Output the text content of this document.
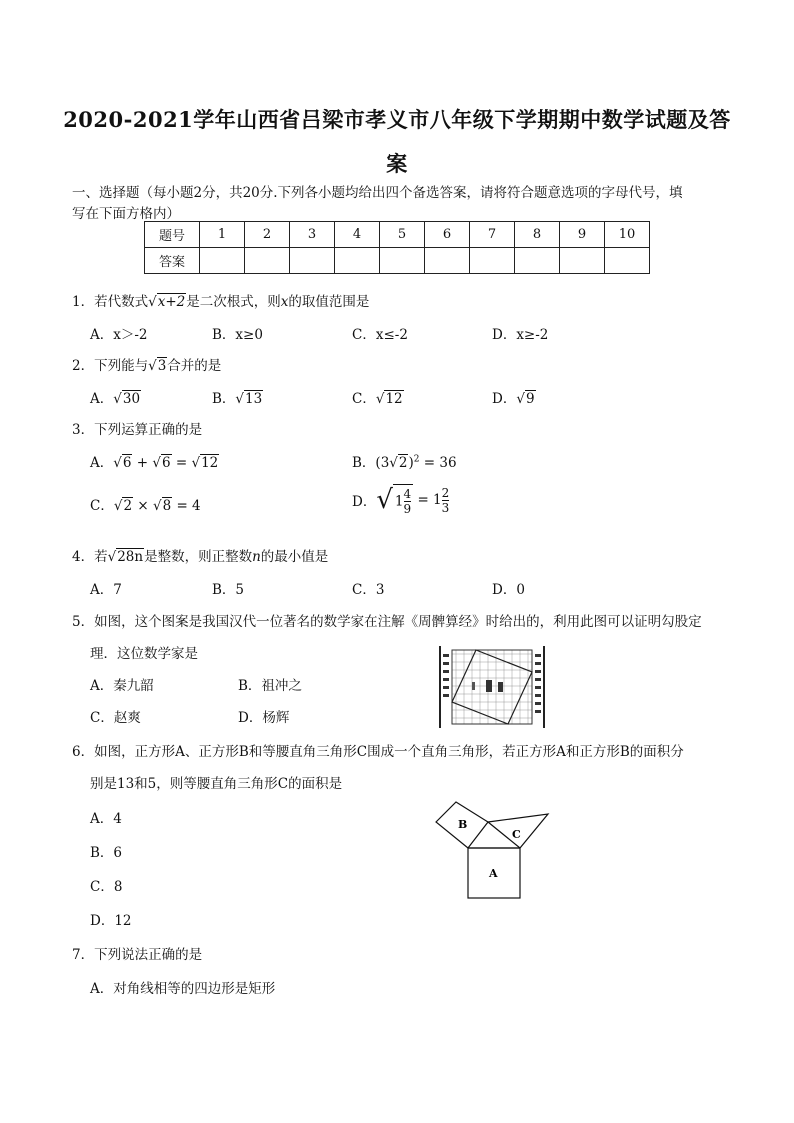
2020-2021学年山西省吕梁市孝义市八年级下学期期中数学试题及答
案
一、选择题（每小题2分，共20分.下列各小题均给出四个备选答案，请将符合题意选项的字母代号，填
写在下面方格内）
题号	1	2	3	4	5	6	7	8	9	10
答案										
1．若代数式√x+2是二次根式，则x的取值范围是
A．x＞-2	B．x≥0	C．x≤-2	D．x≥-2
2．下列能与√3合并的是
A．√30	B．√13	C．√12	D．√9
3．下列运算正确的是
A．√6 + √6 = √12	B．$(3√2)^2 = 36$
C．√2 × √8 = 4	D．√ $1 \frac{4}{9} = 1 \frac{2}{3}$
4．若√28n是整数，则正整数n的最小值是
A．7	B．5	C．3	D．0
5．如图，这个图案是我国汉代一位著名的数学家在注解《周髀算经》时给出的，利用此图可以证明勾股定
理．这位数学家是
A．秦九韶	B．祖冲之
C．赵爽	D．杨辉
6．如图，正方形A、正方形B和等腰直角三角形C围成一个直角三角形，若正方形A和正方形B的面积分
别是13和5，则等腰直角三角形C的面积是
A．4
B．6
C．8
D．12
B
C
A
7．下列说法正确的是
A．对角线相等的四边形是矩形
